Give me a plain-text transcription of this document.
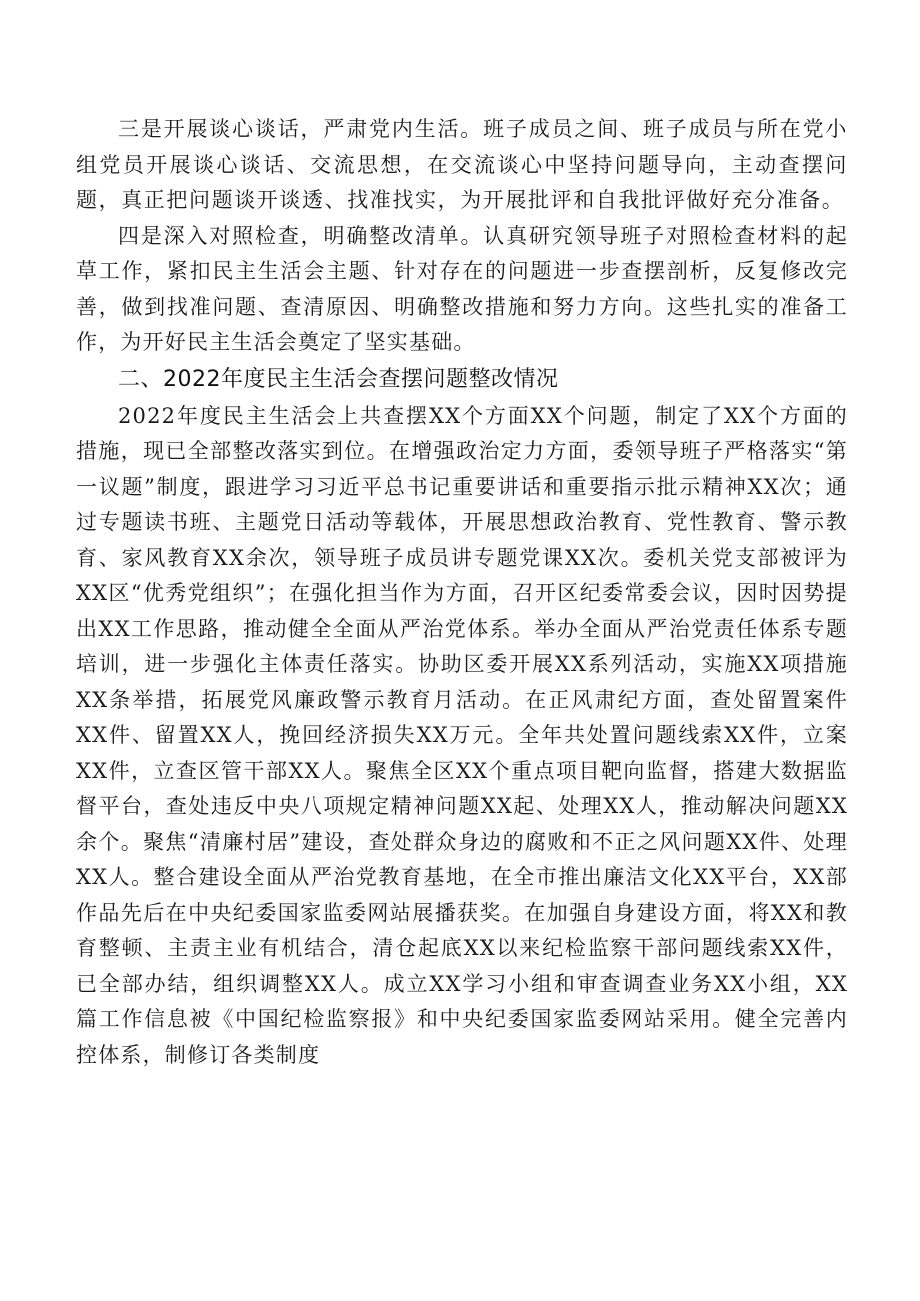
三是开展谈心谈话，严肃党内生活。班子成员之间、班子成员与所在党小组党员开展谈心谈话、交流思想，在交流谈心中坚持问题导向，主动查摆问题，真正把问题谈开谈透、找准找实，为开展批评和自我批评做好充分准备。

四是深入对照检查，明确整改清单。认真研究领导班子对照检查材料的起草工作，紧扣民主生活会主题、针对存在的问题进一步查摆剖析，反复修改完善，做到找准问题、查清原因、明确整改措施和努力方向。这些扎实的准备工作，为开好民主生活会奠定了坚实基础。

二、2022年度民主生活会查摆问题整改情况

2022年度民主生活会上共查摆XX个方面XX个问题，制定了XX个方面的措施，现已全部整改落实到位。在增强政治定力方面，委领导班子严格落实“第一议题”制度，跟进学习习近平总书记重要讲话和重要指示批示精神XX次；通过专题读书班、主题党日活动等载体，开展思想政治教育、党性教育、警示教育、家风教育XX余次，领导班子成员讲专题党课XX次。委机关党支部被评为XX区“优秀党组织”；在强化担当作为方面，召开区纪委常委会议，因时因势提出XX工作思路，推动健全全面从严治党体系。举办全面从严治党责任体系专题培训，进一步强化主体责任落实。协助区委开展XX系列活动，实施XX项措施XX条举措，拓展党风廉政警示教育月活动。在正风肃纪方面，查处留置案件XX件、留置XX人，挽回经济损失XX万元。全年共处置问题线索XX件，立案XX件，立查区管干部XX人。聚焦全区XX个重点项目靶向监督，搭建大数据监督平台，查处违反中央八项规定精神问题XX起、处理XX人，推动解决问题XX余个。聚焦“清廉村居”建设，查处群众身边的腐败和不正之风问题XX件、处理XX人。整合建设全面从严治党教育基地，在全市推出廉洁文化XX平台，XX部作品先后在中央纪委国家监委网站展播获奖。在加强自身建设方面，将XX和教育整顿、主责主业有机结合，清仓起底XX以来纪检监察干部问题线索XX件，已全部办结，组织调整XX人。成立XX学习小组和审查调查业务XX小组，XX篇工作信息被《中国纪检监察报》和中央纪委国家监委网站采用。健全完善内控体系，制修订各类制度
